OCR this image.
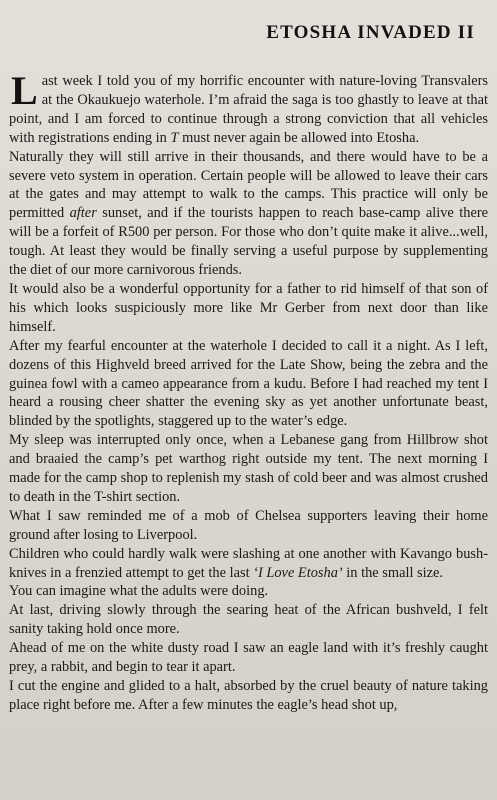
ETOSHA INVADED II

Last week I told you of my horrific encounter with nature-loving Transvalers at the Okaukuejo waterhole. I’m afraid the saga is too ghastly to leave at that point, and I am forced to continue through a strong conviction that all vehicles with registrations ending in T must never again be allowed into Etosha.

Naturally they will still arrive in their thousands, and there would have to be a severe veto system in operation. Certain people will be allowed to leave their cars at the gates and may attempt to walk to the camps. This practice will only be permitted after sunset, and if the tourists happen to reach base-camp alive there will be a forfeit of R500 per person. For those who don’t quite make it alive...well, tough. At least they would be finally serving a useful purpose by supplementing the diet of our more carnivorous friends.

It would also be a wonderful opportunity for a father to rid himself of that son of his which looks suspiciously more like Mr Gerber from next door than like himself.

After my fearful encounter at the waterhole I decided to call it a night. As I left, dozens of this Highveld breed arrived for the Late Show, being the zebra and the guinea fowl with a cameo appearance from a kudu. Before I had reached my tent I heard a rousing cheer shatter the evening sky as yet another unfortunate beast, blinded by the spotlights, staggered up to the water’s edge.

My sleep was interrupted only once, when a Lebanese gang from Hillbrow shot and braaied the camp’s pet warthog right outside my tent. The next morning I made for the camp shop to replenish my stash of cold beer and was almost crushed to death in the T-shirt section.

What I saw reminded me of a mob of Chelsea supporters leaving their home ground after losing to Liverpool.

Children who could hardly walk were slashing at one another with Kavango bush-knives in a frenzied attempt to get the last ‘I Love Etosha’ in the small size.

You can imagine what the adults were doing.

At last, driving slowly through the searing heat of the African bushveld, I felt sanity taking hold once more.

Ahead of me on the white dusty road I saw an eagle land with it’s freshly caught prey, a rabbit, and begin to tear it apart.

I cut the engine and glided to a halt, absorbed by the cruel beauty of nature taking place right before me. After a few minutes the eagle’s head shot up,
